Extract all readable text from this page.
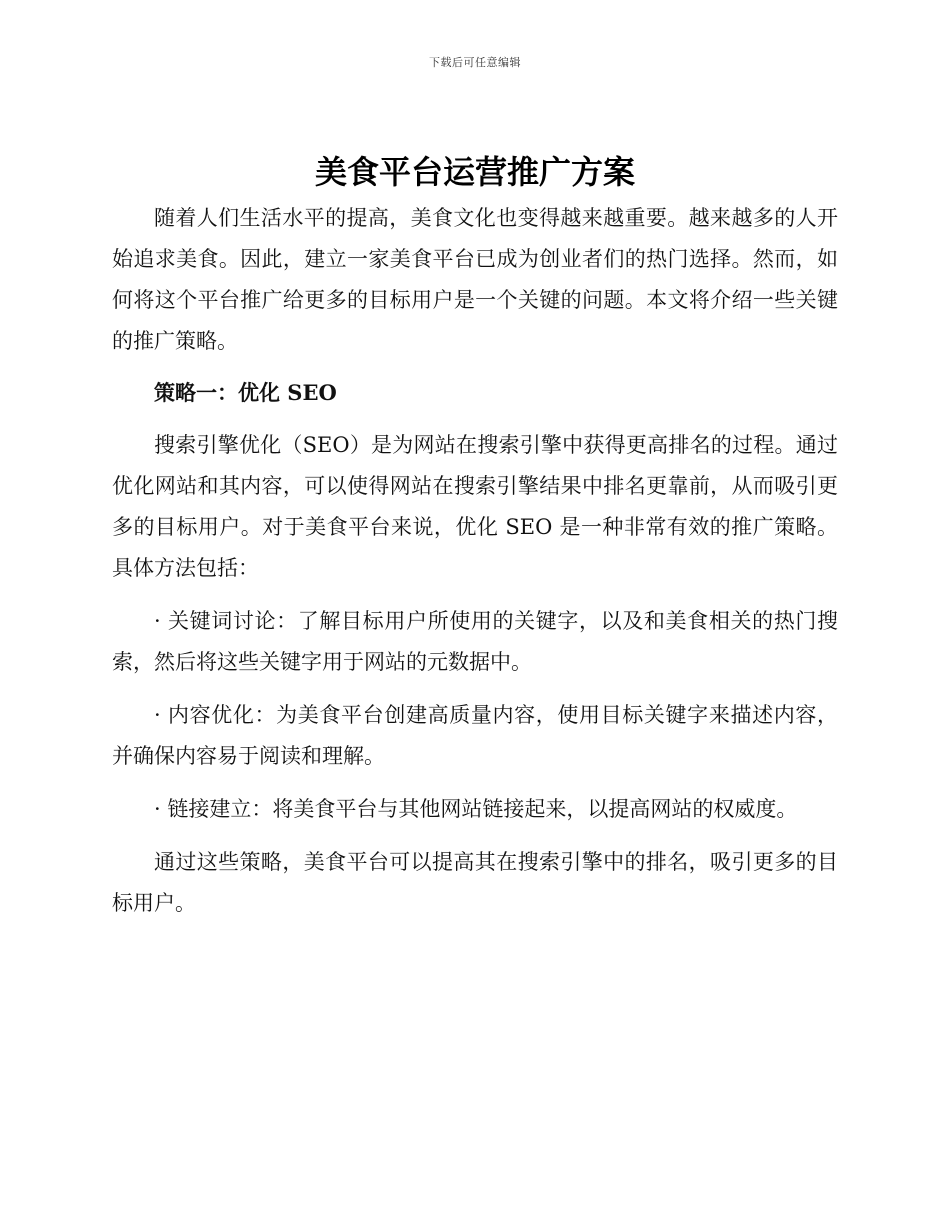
下载后可任意编辑
美食平台运营推广方案

随着人们生活水平的提高，美食文化也变得越来越重要。越来越多的人开始追求美食。因此，建立一家美食平台已成为创业者们的热门选择。然而，如何将这个平台推广给更多的目标用户是一个关键的问题。本文将介绍一些关键的推广策略。

策略一：优化 SEO

搜索引擎优化（SEO）是为网站在搜索引擎中获得更高排名的过程。通过优化网站和其内容，可以使得网站在搜索引擎结果中排名更靠前，从而吸引更多的目标用户。对于美食平台来说，优化 SEO 是一种非常有效的推广策略。具体方法包括：

· 关键词讨论：了解目标用户所使用的关键字，以及和美食相关的热门搜索，然后将这些关键字用于网站的元数据中。

· 内容优化：为美食平台创建高质量内容，使用目标关键字来描述内容，并确保内容易于阅读和理解。

· 链接建立：将美食平台与其他网站链接起来，以提高网站的权威度。

通过这些策略，美食平台可以提高其在搜索引擎中的排名，吸引更多的目标用户。
